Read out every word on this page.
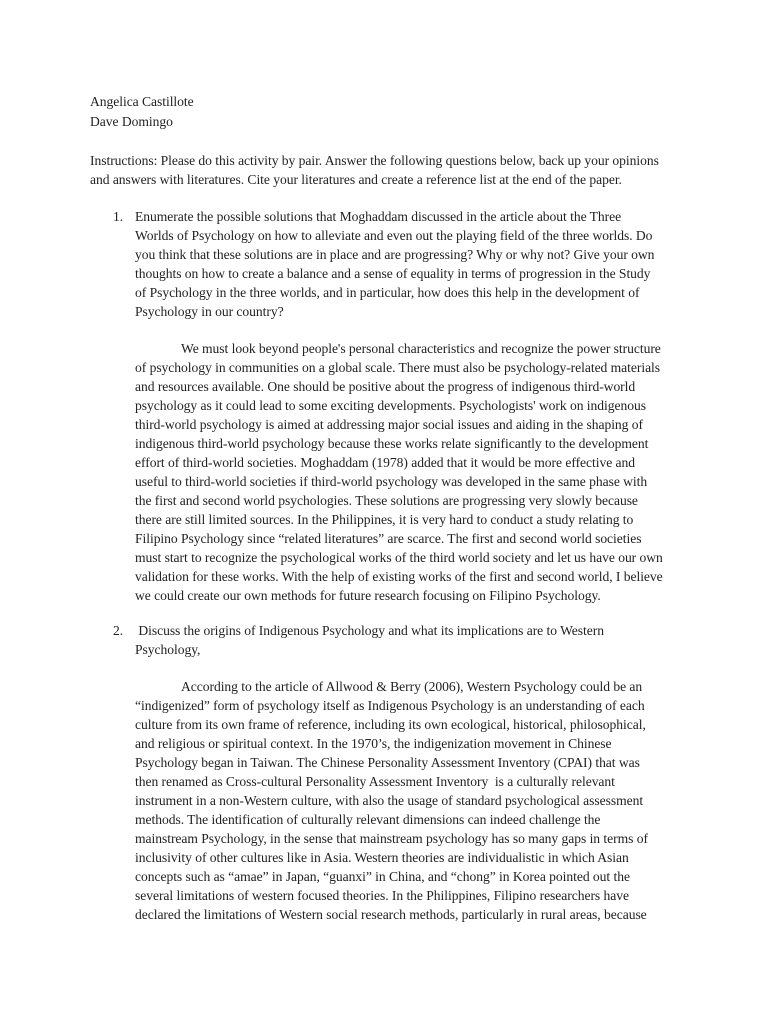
Angelica Castillote
Dave Domingo
Instructions: Please do this activity by pair. Answer the following questions below, back up your opinions
and answers with literatures. Cite your literatures and create a reference list at the end of the paper.
1. Enumerate the possible solutions that Moghaddam discussed in the article about the Three
Worlds of Psychology on how to alleviate and even out the playing field of the three worlds. Do
you think that these solutions are in place and are progressing? Why or why not? Give your own
thoughts on how to create a balance and a sense of equality in terms of progression in the Study
of Psychology in the three worlds, and in particular, how does this help in the development of
Psychology in our country?
We must look beyond people's personal characteristics and recognize the power structure
of psychology in communities on a global scale. There must also be psychology-related materials
and resources available. One should be positive about the progress of indigenous third-world
psychology as it could lead to some exciting developments. Psychologists' work on indigenous
third-world psychology is aimed at addressing major social issues and aiding in the shaping of
indigenous third-world psychology because these works relate significantly to the development
effort of third-world societies. Moghaddam (1978) added that it would be more effective and
useful to third-world societies if third-world psychology was developed in the same phase with
the first and second world psychologies. These solutions are progressing very slowly because
there are still limited sources. In the Philippines, it is very hard to conduct a study relating to
Filipino Psychology since “related literatures” are scarce. The first and second world societies
must start to recognize the psychological works of the third world society and let us have our own
validation for these works. With the help of existing works of the first and second world, I believe
we could create our own methods for future research focusing on Filipino Psychology.
2. Discuss the origins of Indigenous Psychology and what its implications are to Western
Psychology,
According to the article of Allwood & Berry (2006), Western Psychology could be an
“indigenized” form of psychology itself as Indigenous Psychology is an understanding of each
culture from its own frame of reference, including its own ecological, historical, philosophical,
and religious or spiritual context. In the 1970’s, the indigenization movement in Chinese
Psychology began in Taiwan. The Chinese Personality Assessment Inventory (CPAI) that was
then renamed as Cross-cultural Personality Assessment Inventory  is a culturally relevant
instrument in a non-Western culture, with also the usage of standard psychological assessment
methods. The identification of culturally relevant dimensions can indeed challenge the
mainstream Psychology, in the sense that mainstream psychology has so many gaps in terms of
inclusivity of other cultures like in Asia. Western theories are individualistic in which Asian
concepts such as “amae” in Japan, “guanxi” in China, and “chong” in Korea pointed out the
several limitations of western focused theories. In the Philippines, Filipino researchers have
declared the limitations of Western social research methods, particularly in rural areas, because
